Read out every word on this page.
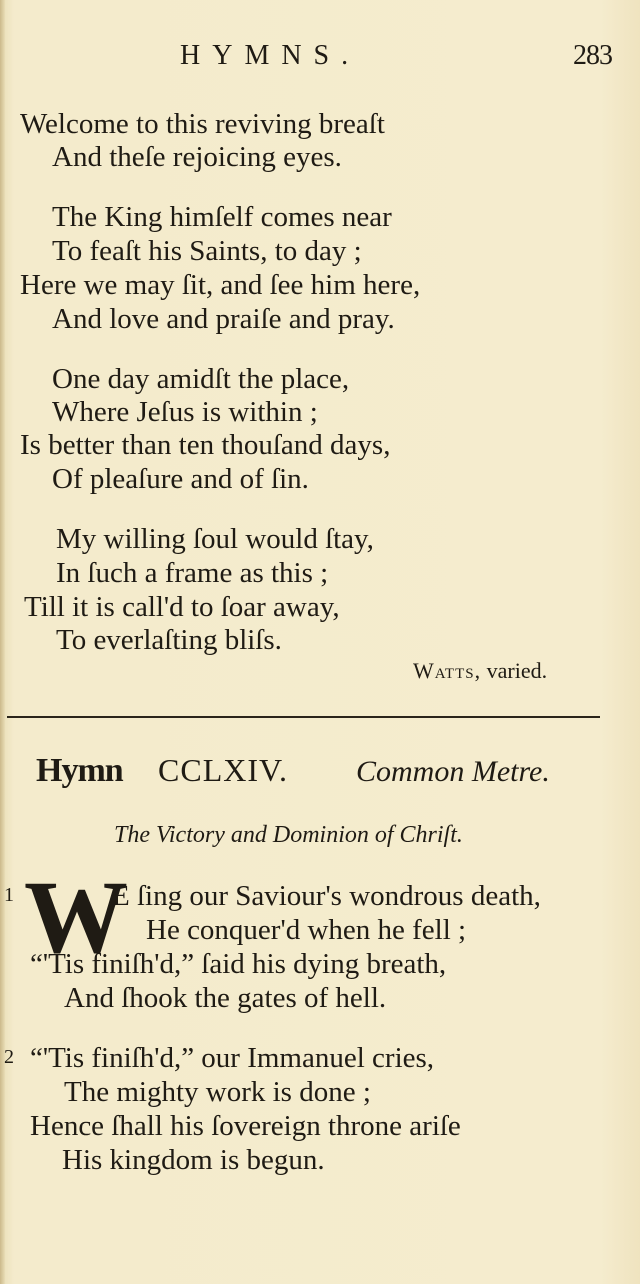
HYMNS.	283
Welcome to this reviving breaſt
And theſe rejoicing eyes.
The King himſelf comes near
To feaſt his Saints, to day ;
Here we may ſit, and ſee him here,
And love and praiſe and pray.
One day amidſt the place,
Where Jeſus is within ;
Is better than ten thouſand days,
Of pleaſure and of ſin.
My willing ſoul would ſtay,
In ſuch a frame as this ;
Till it is call'd to ſoar away,
To everlaſting bliſs.
Watts, varied.
Hymn CCLXIV. Common Metre.
The Victory and Dominion of Chriſt.
1 W
E ſing our Saviour's wondrous death,
He conquer'd when he fell ;
“'Tis finiſh'd,” ſaid his dying breath,
And ſhook the gates of hell.
2 “'Tis finiſh'd,” our Immanuel cries,
The mighty work is done ;
Hence ſhall his ſovereign throne ariſe
His kingdom is begun.
